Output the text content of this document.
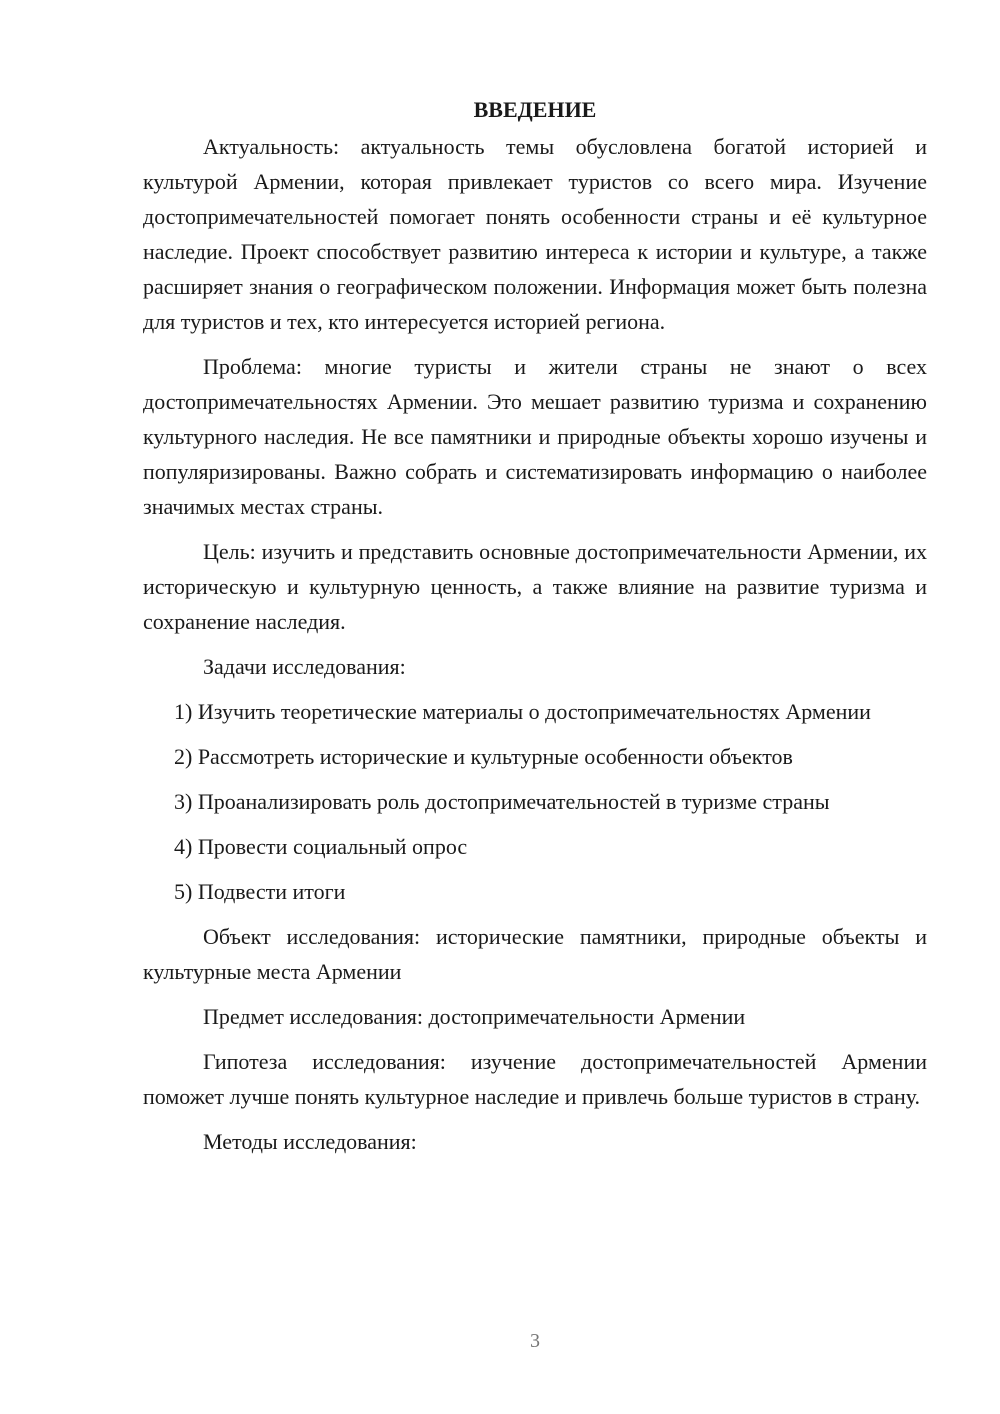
ВВЕДЕНИЕ

Актуальность: актуальность темы обусловлена богатой историей и культурой Армении, которая привлекает туристов со всего мира. Изучение достопримечательностей помогает понять особенности страны и её культурное наследие. Проект способствует развитию интереса к истории и культуре, а также расширяет знания о географическом положении. Информация может быть полезна для туристов и тех, кто интересуется историей региона.

Проблема: многие туристы и жители страны не знают о всех достопримечательностях Армении. Это мешает развитию туризма и сохранению культурного наследия. Не все памятники и природные объекты хорошо изучены и популяризированы. Важно собрать и систематизировать информацию о наиболее значимых местах страны.

Цель: изучить и представить основные достопримечательности Армении, их историческую и культурную ценность, а также влияние на развитие туризма и сохранение наследия.

Задачи исследования:

1) Изучить теоретические материалы о достопримечательностях Армении

2) Рассмотреть исторические и культурные особенности объектов

3) Проанализировать роль достопримечательностей в туризме страны

4) Провести социальный опрос

5) Подвести итоги

Объект исследования: исторические памятники, природные объекты и культурные места Армении

Предмет исследования: достопримечательности Армении

Гипотеза исследования: изучение достопримечательностей Армении поможет лучше понять культурное наследие и привлечь больше туристов в страну.

Методы исследования:

3
